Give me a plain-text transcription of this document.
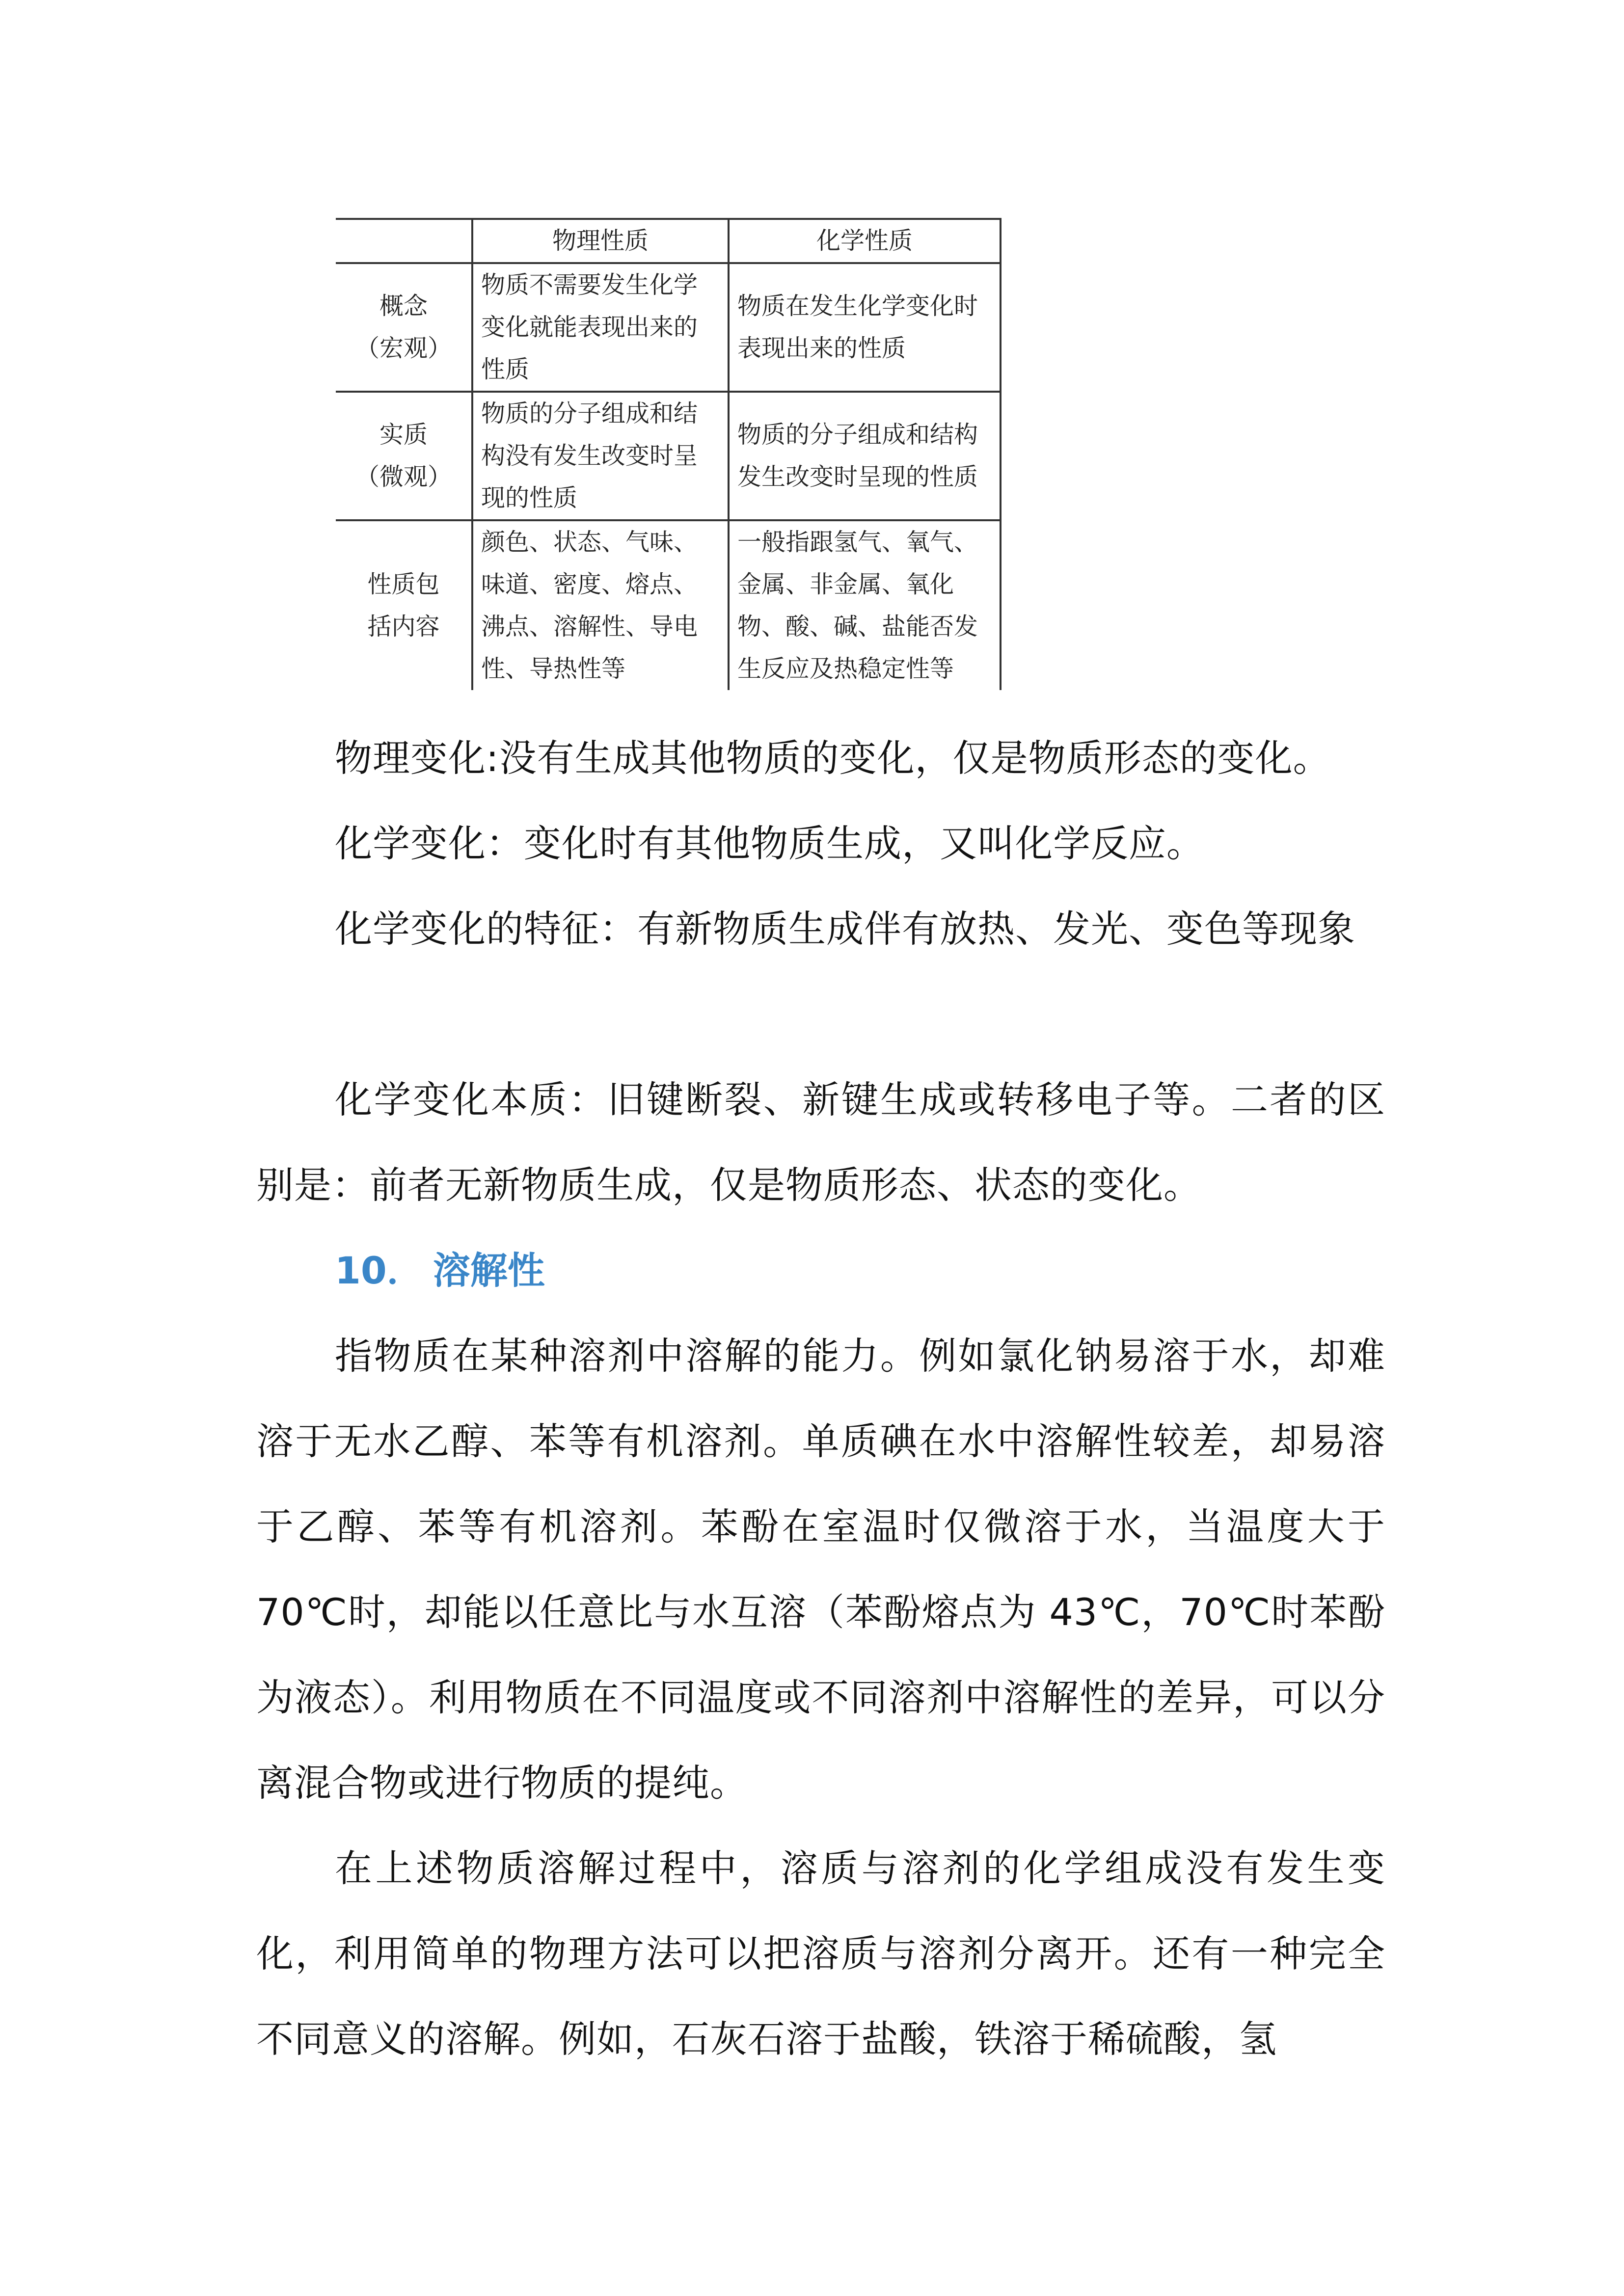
	物理性质	化学性质

概念
（宏观）	物质不需要发生化学变化就能表现出来的性质	物质在发生化学变化时表现出来的性质

实质
（微观）	物质的分子组成和结构没有发生改变时呈现的性质	物质的分子组成和结构发生改变时呈现的性质

性质包
括内容	颜色、状态、气味、味道、密度、熔点、沸点、溶解性、导电性、导热性等	一般指跟氢气、氧气、金属、非金属、氧化物、酸、碱、盐能否发生反应及热稳定性等

物理变化:没有生成其他物质的变化，仅是物质形态的变化。

化学变化：变化时有其他物质生成，又叫化学反应。

化学变化的特征：有新物质生成伴有放热、发光、变色等现象

化学变化本质：旧键断裂、新键生成或转移电子等。二者的区别是：前者无新物质生成，仅是物质形态、状态的变化。

10． 溶解性

指物质在某种溶剂中溶解的能力。例如氯化钠易溶于水，却难溶于无水乙醇、苯等有机溶剂。单质碘在水中溶解性较差，却易溶于乙醇、苯等有机溶剂。苯酚在室温时仅微溶于水，当温度大于 70℃时，却能以任意比与水互溶（苯酚熔点为 43℃，70℃时苯酚为液态）。利用物质在不同温度或不同溶剂中溶解性的差异，可以分离混合物或进行物质的提纯。

在上述物质溶解过程中，溶质与溶剂的化学组成没有发生变化，利用简单的物理方法可以把溶质与溶剂分离开。还有一种完全不同意义的溶解。例如，石灰石溶于盐酸，铁溶于稀硫酸，氢
